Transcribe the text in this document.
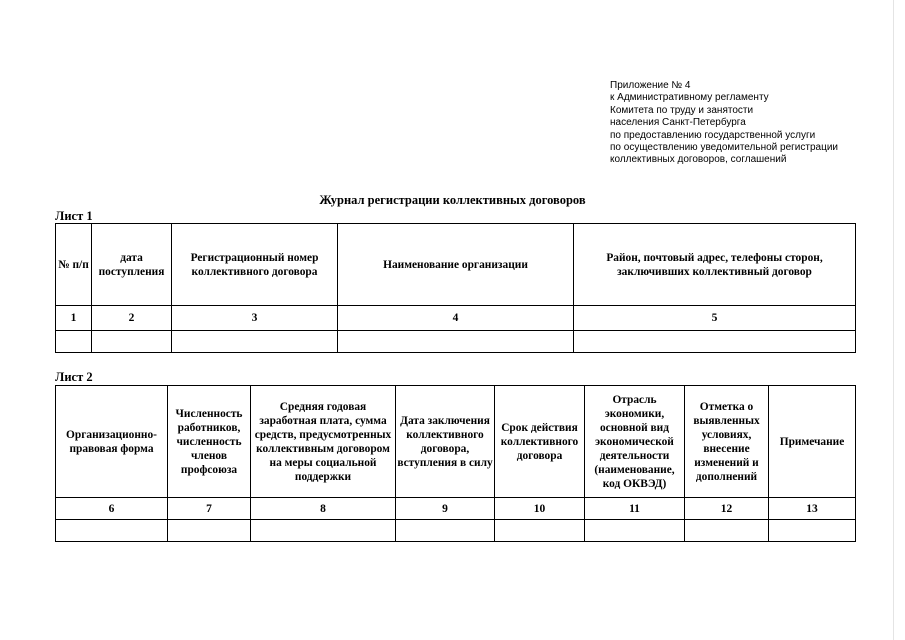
Приложение № 4
к Административному регламенту
Комитета по труду и занятости
населения Санкт-Петербурга
по предоставлению государственной услуги
по осуществлению уведомительной регистрации
коллективных договоров, соглашений
Журнал регистрации коллективных договоров
Лист 1
№ п/п	дата поступления	Регистрационный номер коллективного договора	Наименование организации	Район, почтовый адрес, телефоны сторон, заключивших коллективный договор
1	2	3	4	5

Лист 2
Организационно-правовая форма	Численность работников, численность членов профсоюза	Средняя годовая заработная плата, сумма средств, предусмотренных коллективным договором на меры социальной поддержки	Дата заключения коллективного договора, вступления в силу	Срок действия коллективного договора	Отрасль экономики, основной вид экономической деятельности (наименование, код ОКВЭД)	Отметка о выявленных условиях, внесение изменений и дополнений	Примечание
6	7	8	9	10	11	12	13
